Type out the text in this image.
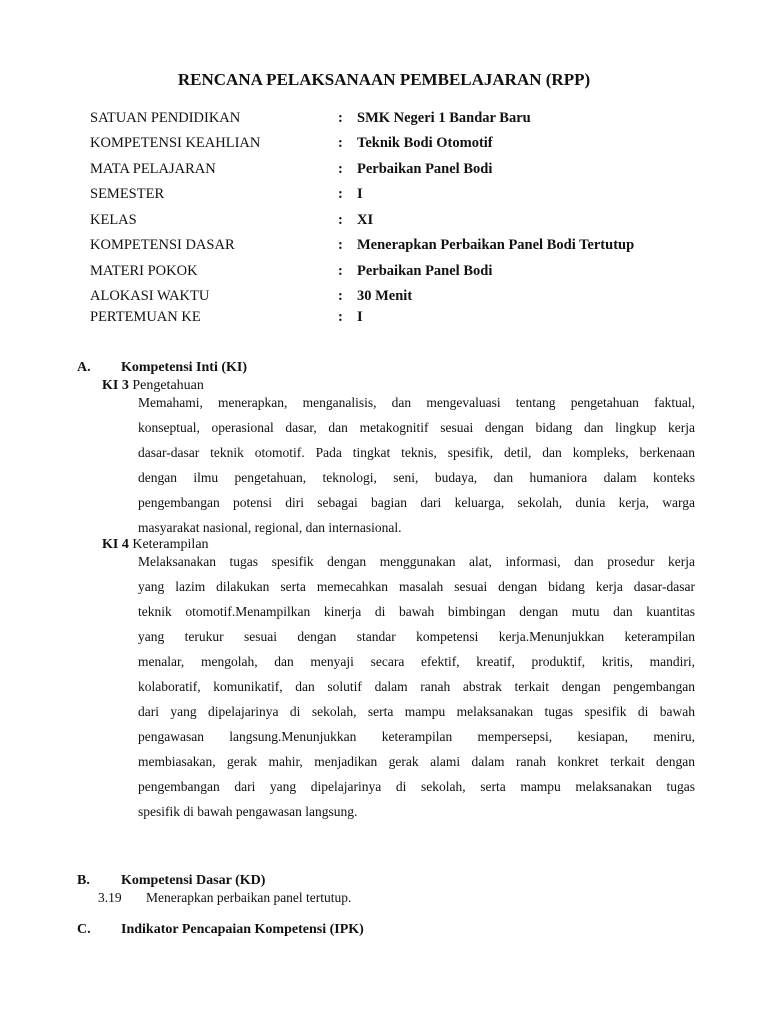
RENCANA PELAKSANAAN PEMBELAJARAN (RPP)
SATUAN PENDIDIKAN	: SMK Negeri 1 Bandar Baru
KOMPETENSI KEAHLIAN	: Teknik Bodi Otomotif
MATA PELAJARAN	: Perbaikan Panel Bodi
SEMESTER	: I
KELAS	: XI
KOMPETENSI DASAR	: Menerapkan Perbaikan Panel Bodi Tertutup
MATERI POKOK	: Perbaikan Panel Bodi
ALOKASI WAKTU	: 30 Menit
PERTEMUAN KE	: I
A. Kompetensi Inti (KI)
KI 3 Pengetahuan
Memahami, menerapkan, menganalisis, dan mengevaluasi tentang pengetahuan faktual,
konseptual, operasional dasar, dan metakognitif sesuai dengan bidang dan lingkup kerja
dasar-dasar teknik otomotif. Pada tingkat teknis, spesifik, detil, dan kompleks, berkenaan
dengan ilmu pengetahuan, teknologi, seni, budaya, dan humaniora dalam konteks
pengembangan potensi diri sebagai bagian dari keluarga, sekolah, dunia kerja, warga
masyarakat nasional, regional, dan internasional.
KI 4 Keterampilan
Melaksanakan tugas spesifik dengan menggunakan alat, informasi, dan prosedur kerja
yang lazim dilakukan serta memecahkan masalah sesuai dengan bidang kerja dasar-dasar
teknik otomotif.Menampilkan kinerja di bawah bimbingan dengan mutu dan kuantitas
yang terukur sesuai dengan standar kompetensi kerja.Menunjukkan keterampilan
menalar, mengolah, dan menyaji secara efektif, kreatif, produktif, kritis, mandiri,
kolaboratif, komunikatif, dan solutif dalam ranah abstrak terkait dengan pengembangan
dari yang dipelajarinya di sekolah, serta mampu melaksanakan tugas spesifik di bawah
pengawasan langsung.Menunjukkan keterampilan mempersepsi, kesiapan, meniru,
membiasakan, gerak mahir, menjadikan gerak alami dalam ranah konkret terkait dengan
pengembangan dari yang dipelajarinya di sekolah, serta mampu melaksanakan tugas
spesifik di bawah pengawasan langsung.
B. Kompetensi Dasar (KD)
3.19 Menerapkan perbaikan panel tertutup.
C. Indikator Pencapaian Kompetensi (IPK)
